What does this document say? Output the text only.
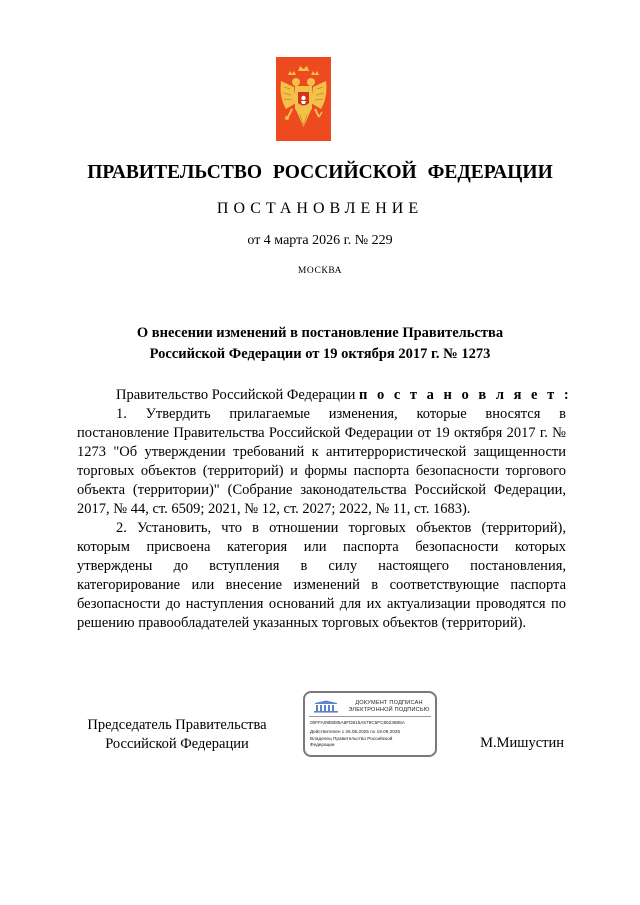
ПРАВИТЕЛЬСТВО РОССИЙСКОЙ ФЕДЕРАЦИИ
ПОСТАНОВЛЕНИЕ
от 4 марта 2026 г. № 229
МОСКВА
О внесении изменений в постановление Правительства
Российской Федерации от 19 октября 2017 г. № 1273
Правительство Российской Федерации п о с т а н о в л я е т :

1. Утвердить прилагаемые изменения, которые вносятся в постановление Правительства Российской Федерации от 19 октября 2017 г. № 1273 "Об утверждении требований к антитеррористической защищенности торговых объектов (территорий) и формы паспорта безопасности торгового объекта (территории)" (Собрание законодательства Российской Федерации, 2017, № 44, ст. 6509; 2021, № 12, ст. 2027; 2022, № 11, ст. 1683).

2. Установить, что в отношении торговых объектов (территорий), которым присвоена категория или паспорта безопасности которых утверждены до вступления в силу настоящего постановления, категорирование или внесение изменений в соответствующие паспорта безопасности до наступления оснований для их актуализации проводятся по решению правообладателей указанных торговых объектов (территорий).

Председатель Правительства
Российской Федерации
ДОКУМЕНТ ПОДПИСАН
ЭЛЕКТРОННОЙ ПОДПИСЬЮ
00FFA09EB85A8FD815A579C5FC8623885A
Действителен с 26.06.2025 по 19.09.2026
Владелец Правительство Российской
Федерации	М.Мишустин
